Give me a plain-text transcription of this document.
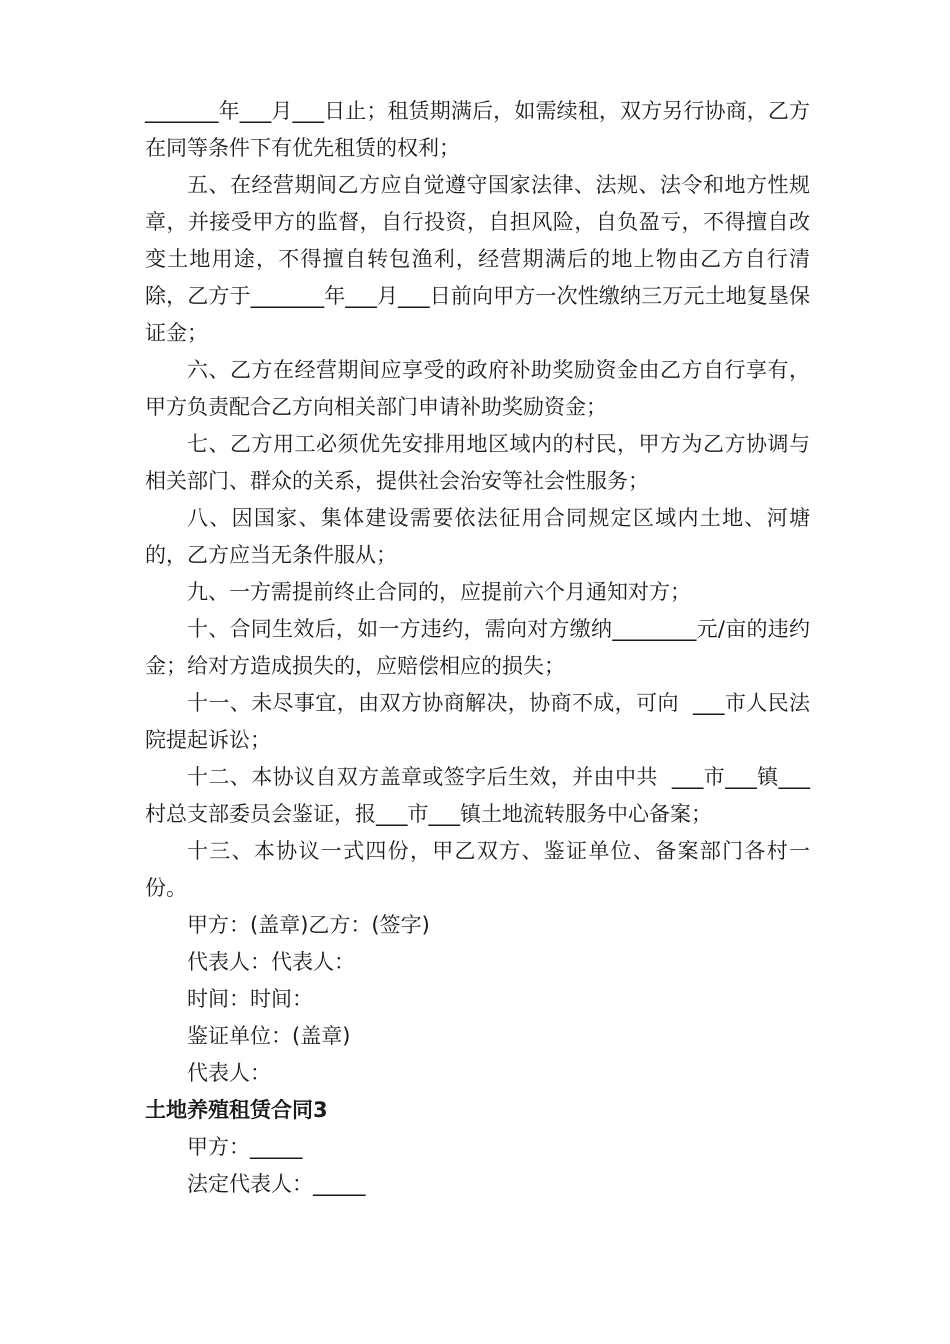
_______年___月___日止；租赁期满后，如需续租，双方另行协商，乙方在同等条件下有优先租赁的权利；

五、在经营期间乙方应自觉遵守国家法律、法规、法令和地方性规章，并接受甲方的监督，自行投资，自担风险，自负盈亏，不得擅自改变土地用途，不得擅自转包渔利，经营期满后的地上物由乙方自行清除，乙方于_______年___月___日前向甲方一次性缴纳三万元土地复垦保证金；

六、乙方在经营期间应享受的政府补助奖励资金由乙方自行享有，甲方负责配合乙方向相关部门申请补助奖励资金；

七、乙方用工必须优先安排用地区域内的村民，甲方为乙方协调与相关部门、群众的关系，提供社会治安等社会性服务；

八、因国家、集体建设需要依法征用合同规定区域内土地、河塘的，乙方应当无条件服从；

九、一方需提前终止合同的，应提前六个月通知对方；

十、合同生效后，如一方违约，需向对方缴纳________元/亩的违约金；给对方造成损失的，应赔偿相应的损失；

十一、未尽事宜，由双方协商解决，协商不成，可向  ___市人民法院提起诉讼；

十二、本协议自双方盖章或签字后生效，并由中共  ___市___镇___村总支部委员会鉴证，报___市___镇土地流转服务中心备案；

十三、本协议一式四份，甲乙双方、鉴证单位、备案部门各村一份。

甲方：(盖章)乙方：(签字)

代表人：代表人：

时间：时间：

鉴证单位：(盖章)

代表人：

土地养殖租赁合同3

甲方：_____

法定代表人：_____
